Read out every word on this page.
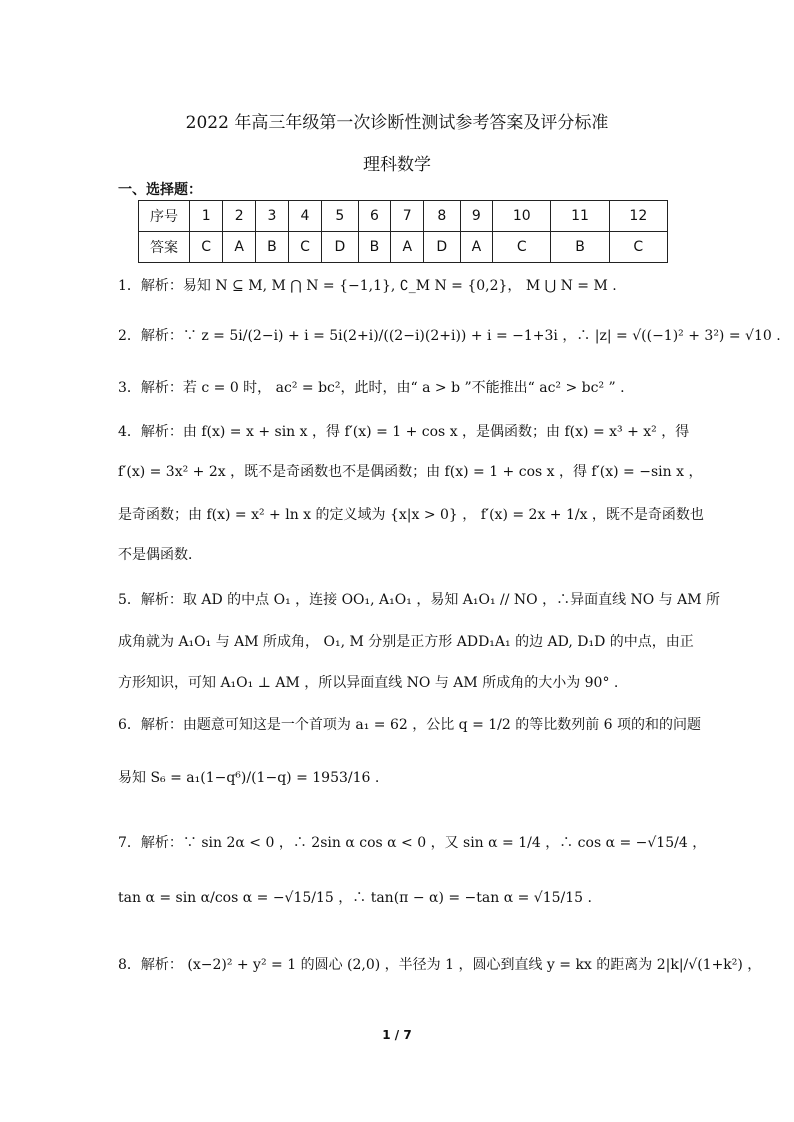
2022 年高三年级第一次诊断性测试参考答案及评分标准
理科数学
一、选择题：
序号	1	2	3	4	5	6	7	8	9	10	11	12
答案	C	A	B	C	D	B	A	D	A	C	B	C
1．解析：易知 N ⊆ M, M ⋂ N = {−1,1}, ∁_M N = {0,2}， M ⋃ N = M .
2．解析：∵ z = 5i/(2−i) + i = 5i(2+i)/((2−i)(2+i)) + i = −1+3i ，∴ |z| = √((−1)² + 3²) = √10 .
3．解析：若 c = 0 时， ac² = bc²，此时，由“ a > b ”不能推出“ ac² > bc² ” .
4．解析：由 f(x) = x + sin x ，得 f′(x) = 1 + cos x ，是偶函数；由 f(x) = x³ + x² ，得
f′(x) = 3x² + 2x ，既不是奇函数也不是偶函数；由 f(x) = 1 + cos x ，得 f′(x) = −sin x ，
是奇函数；由 f(x) = x² + ln x 的定义域为 {x|x > 0} ， f′(x) = 2x + 1/x ，既不是奇函数也
不是偶函数．
5．解析：取 AD 的中点 O₁ ，连接 OO₁, A₁O₁ ，易知 A₁O₁ // NO ，∴异面直线 NO 与 AM 所
成角就为 A₁O₁ 与 AM 所成角， O₁, M 分别是正方形 ADD₁A₁ 的边 AD, D₁D 的中点，由正
方形知识，可知 A₁O₁ ⊥ AM ，所以异面直线 NO 与 AM 所成角的大小为 90° .
6．解析：由题意可知这是一个首项为 a₁ = 62 ，公比 q = 1/2 的等比数列前 6 项的和的问题
易知 S₆ = a₁(1−q⁶)/(1−q) = 1953/16 .
7．解析：∵ sin 2α < 0 ，∴ 2sin α cos α < 0 ，又 sin α = 1/4 ，∴ cos α = −√15/4 ，
tan α = sin α/cos α = −√15/15 ，∴ tan(π − α) = −tan α = √15/15 .
8．解析： (x−2)² + y² = 1 的圆心 (2,0) ，半径为 1 ，圆心到直线 y = kx 的距离为 2|k|/√(1+k²) ，
1 / 7
